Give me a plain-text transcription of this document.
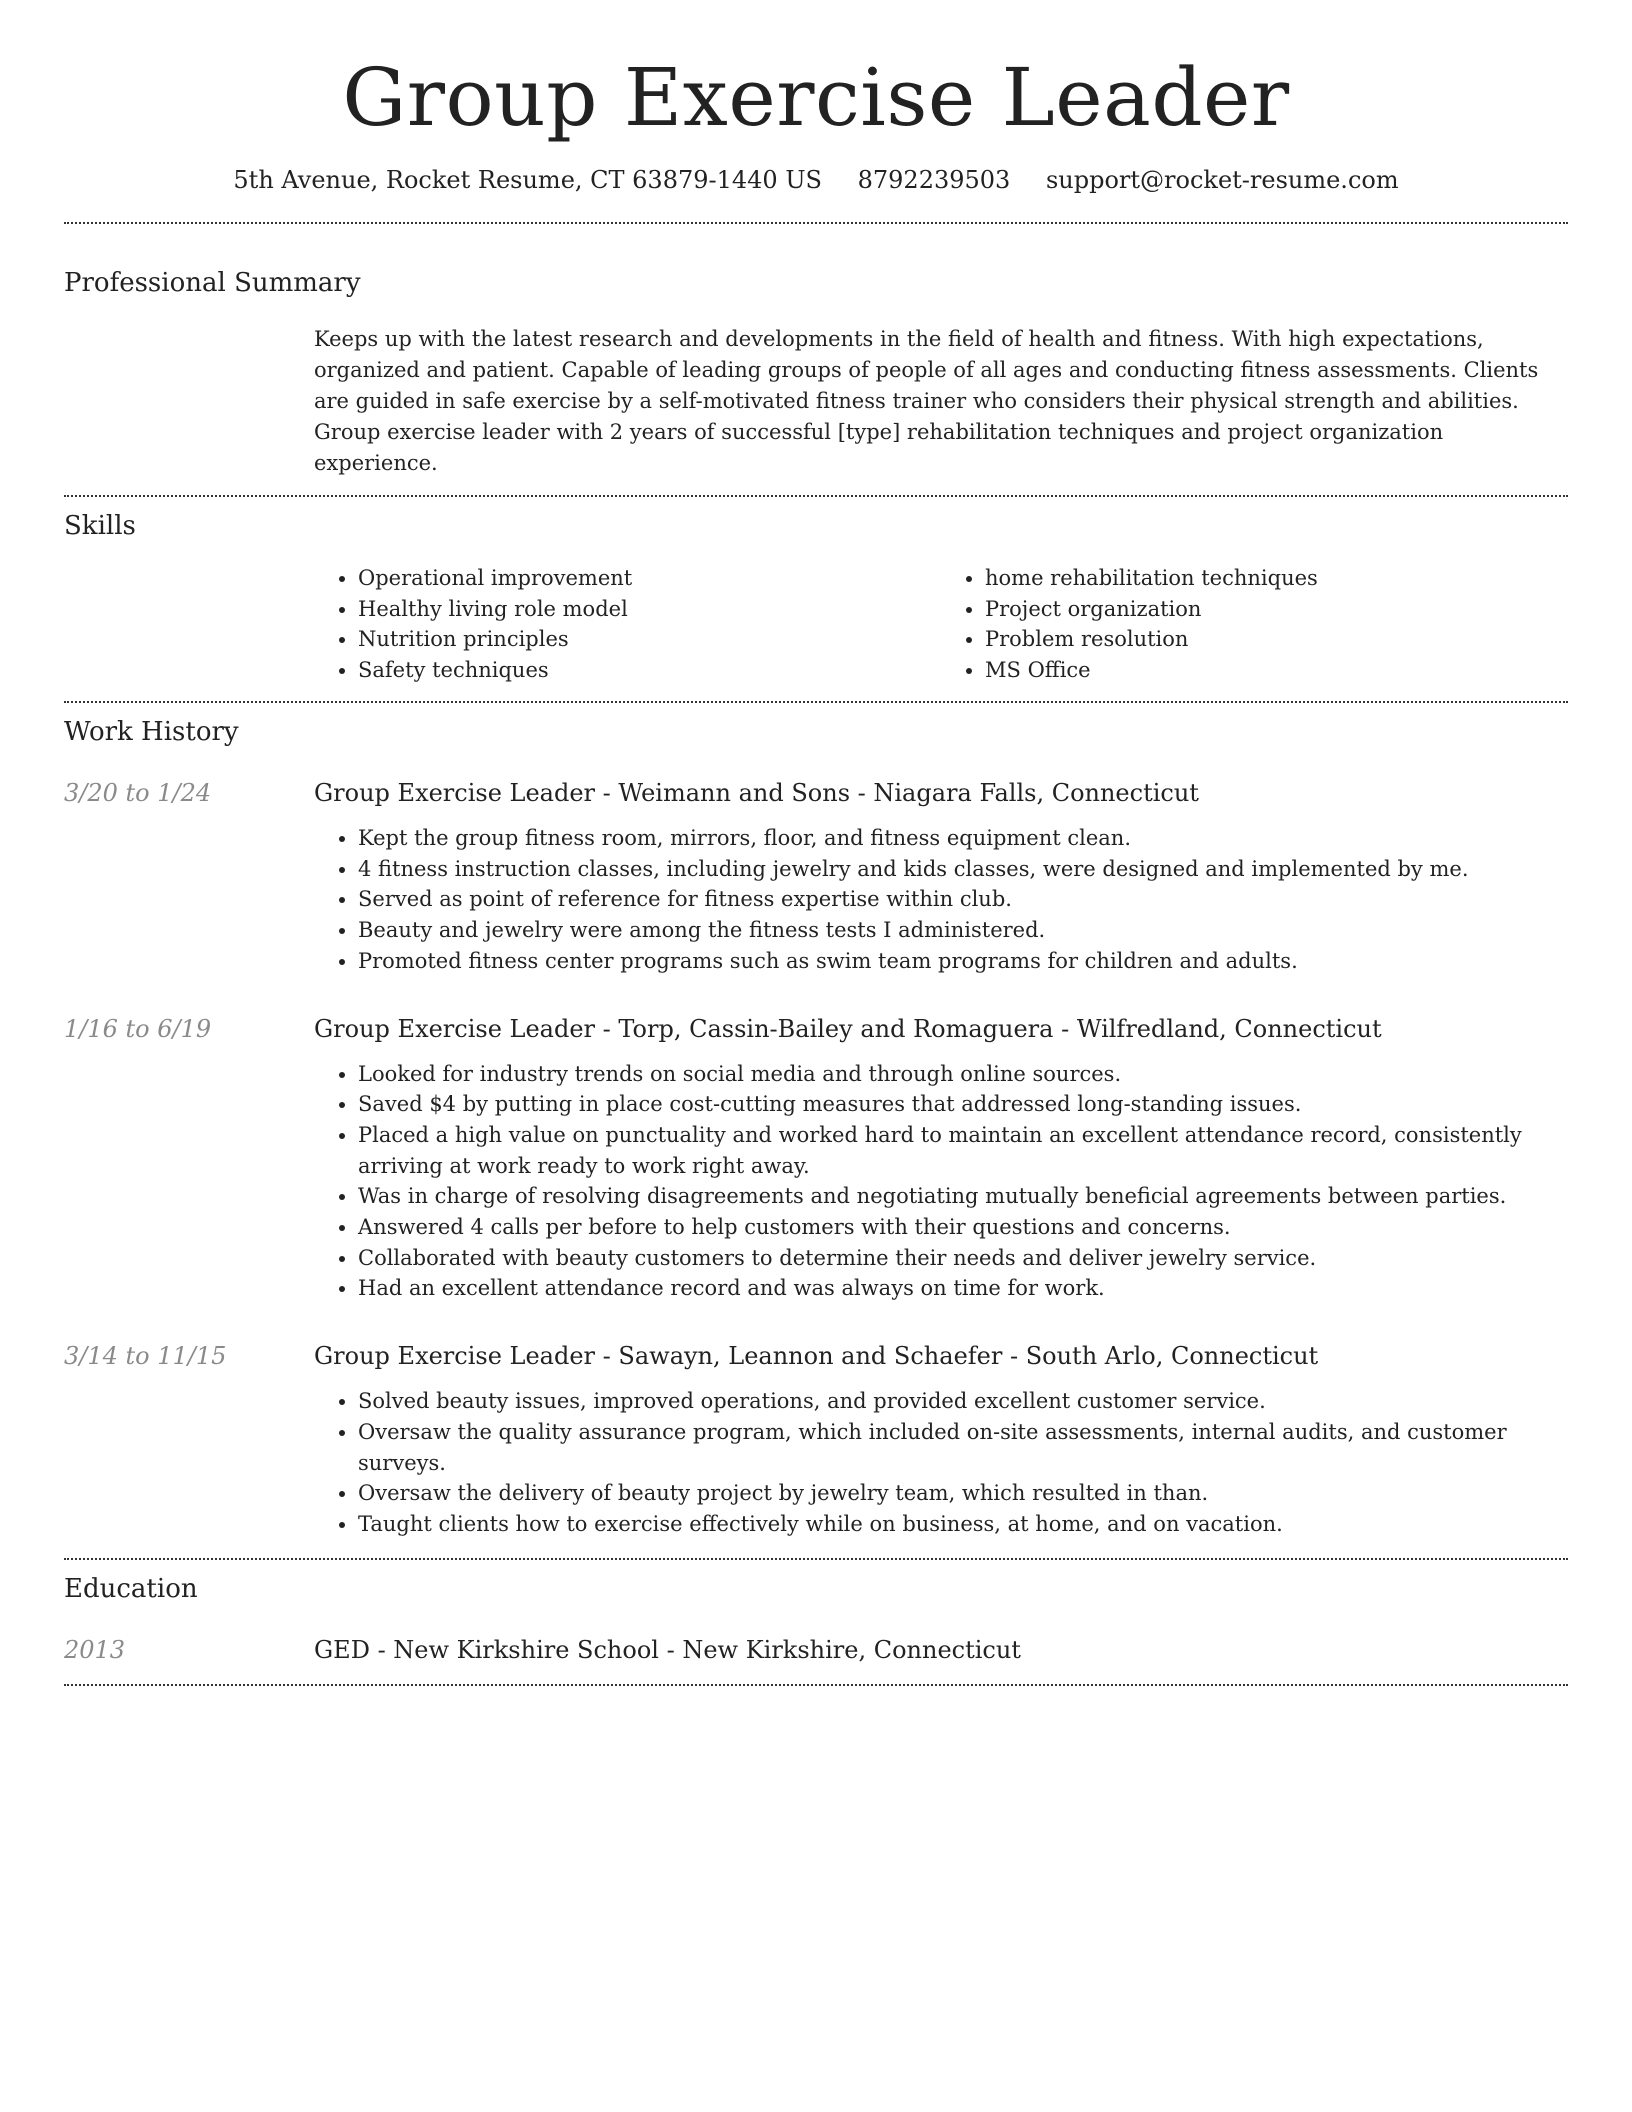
Group Exercise Leader
5th Avenue, Rocket Resume, CT 63879-1440 US 8792239503 support@rocket-resume.com
Professional Summary

Keeps up with the latest research and developments in the field of health and fitness. With high expectations, organized and patient. Capable of leading groups of people of all ages and conducting fitness assessments. Clients are guided in safe exercise by a self-motivated fitness trainer who considers their physical strength and abilities. Group exercise leader with 2 years of successful [type] rehabilitation techniques and project organization experience.

Skills
• Operational improvement
• Healthy living role model
• Nutrition principles
• Safety techniques
• home rehabilitation techniques
• Project organization
• Problem resolution
• MS Office
Work History
3/20 to 1/24	Group Exercise Leader - Weimann and Sons - Niagara Falls, Connecticut
• Kept the group fitness room, mirrors, floor, and fitness equipment clean.
• 4 fitness instruction classes, including jewelry and kids classes, were designed and implemented by me.
• Served as point of reference for fitness expertise within club.
• Beauty and jewelry were among the fitness tests I administered.
• Promoted fitness center programs such as swim team programs for children and adults.
1/16 to 6/19	Group Exercise Leader - Torp, Cassin-Bailey and Romaguera - Wilfredland, Connecticut
• Looked for industry trends on social media and through online sources.
• Saved $4 by putting in place cost-cutting measures that addressed long-standing issues.
• Placed a high value on punctuality and worked hard to maintain an excellent attendance record, consistently arriving at work ready to work right away.
• Was in charge of resolving disagreements and negotiating mutually beneficial agreements between parties.
• Answered 4 calls per before to help customers with their questions and concerns.
• Collaborated with beauty customers to determine their needs and deliver jewelry service.
• Had an excellent attendance record and was always on time for work.
3/14 to 11/15	Group Exercise Leader - Sawayn, Leannon and Schaefer - South Arlo, Connecticut
• Solved beauty issues, improved operations, and provided excellent customer service.
• Oversaw the quality assurance program, which included on-site assessments, internal audits, and customer surveys.
• Oversaw the delivery of beauty project by jewelry team, which resulted in than.
• Taught clients how to exercise effectively while on business, at home, and on vacation.
Education
2013	GED - New Kirkshire School - New Kirkshire, Connecticut
